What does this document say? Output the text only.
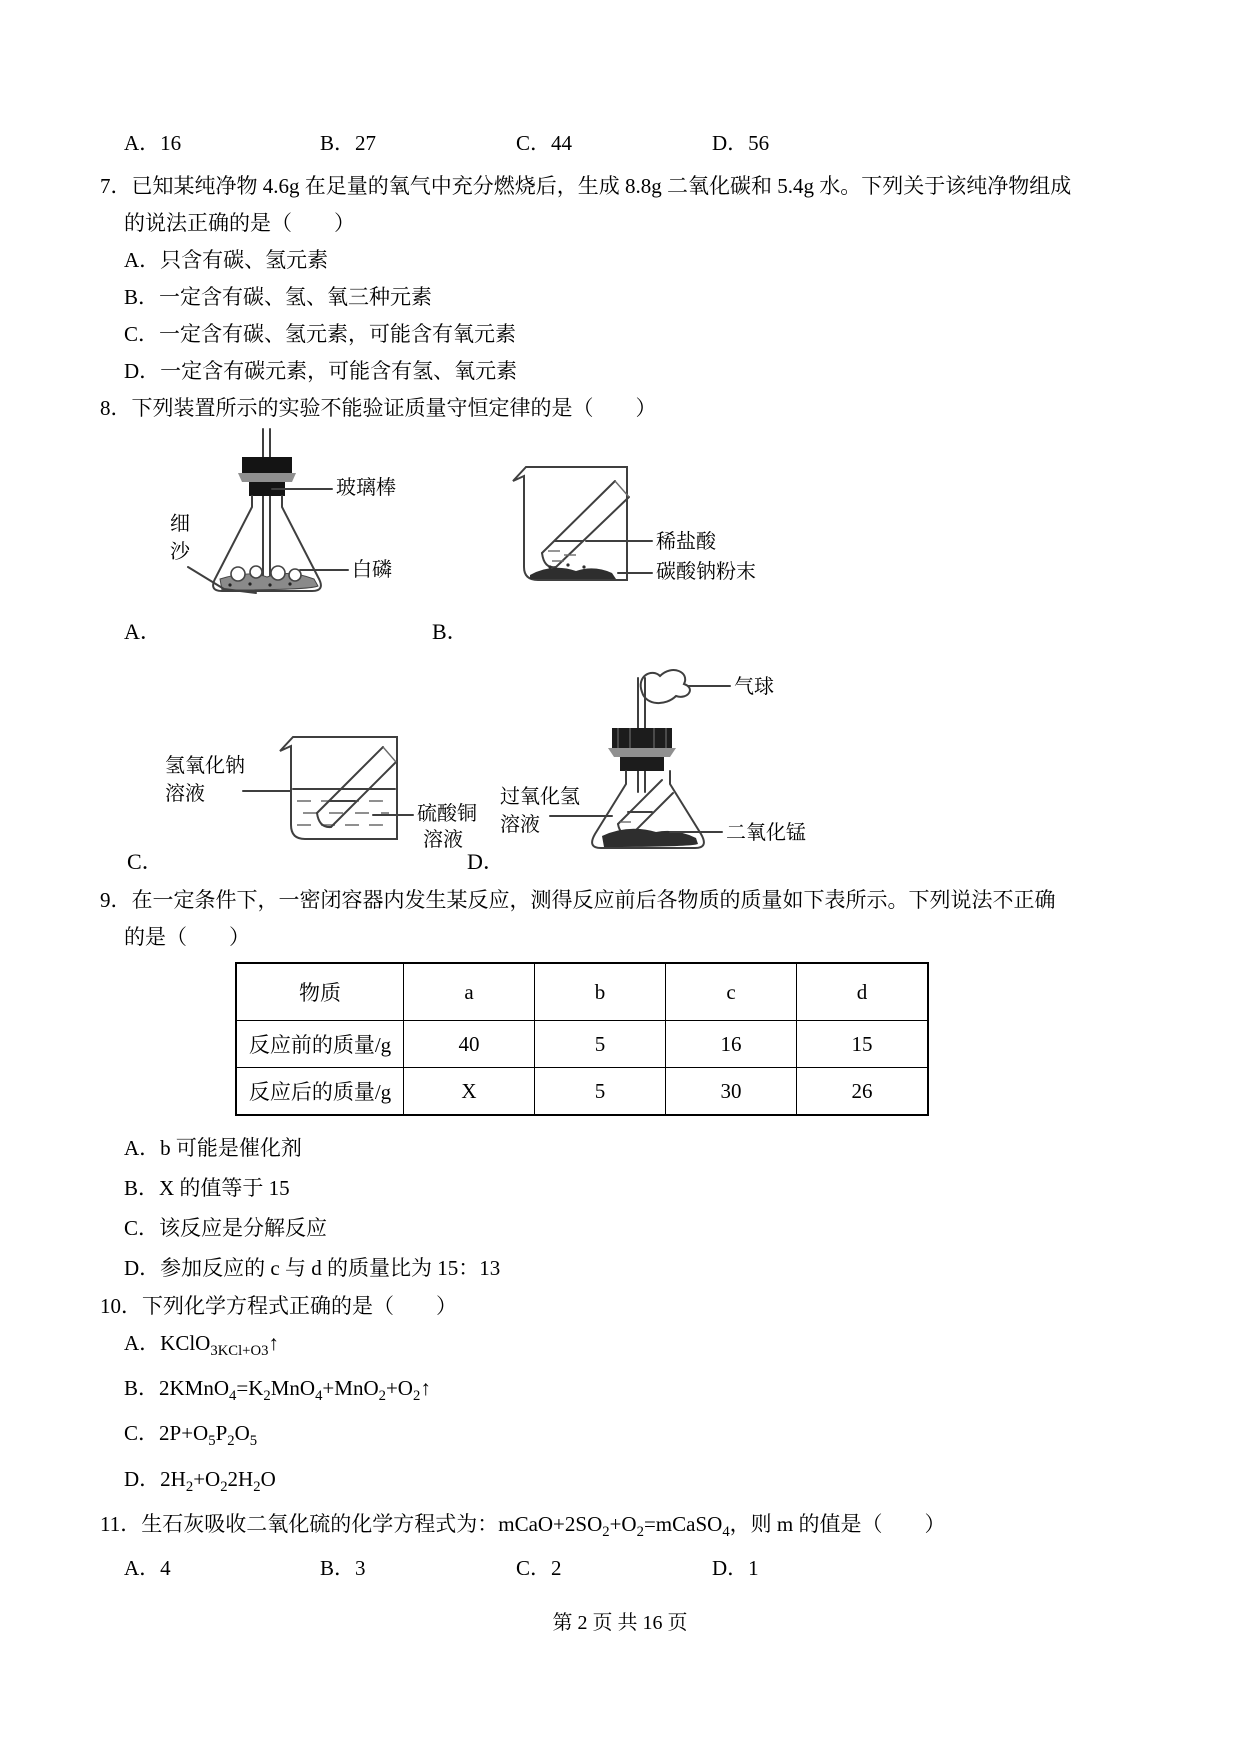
A．16	B．27	C．44	D．56
7．已知某纯净物 4.6g 在足量的氧气中充分燃烧后，生成 8.8g 二氧化碳和 5.4g 水。下列关于该纯净物组成
的说法正确的是（　　）
A．只含有碳、氢元素
B．一定含有碳、氢、氧三种元素
C．一定含有碳、氢元素，可能含有氧元素
D．一定含有碳元素，可能含有氢、氧元素
8．下列装置所示的实验不能验证质量守恒定律的是（　　）
玻璃棒
细
沙
白磷
A．
稀盐酸
碳酸钠粉末
B．
氢氧化钠
溶液
硫酸铜
溶液
C．
气球
过氧化氢
溶液	二氧化锰
D．
9．在一定条件下，一密闭容器内发生某反应，测得反应前后各物质的质量如下表所示。下列说法不正确
的是（　　）
物质	a	b	c	d
反应前的质量/g	40	5	16	15
反应后的质量/g	X	5	30	26
A．b 可能是催化剂
B．X 的值等于 15
C．该反应是分解反应
D．参加反应的 c 与 d 的质量比为 15：13
10．下列化学方程式正确的是（　　）
A．KClO$_{3KCl+O3}$↑
B．$2KMnO_4=K_2MnO_4+MnO_2+O_2↑$
C．$2P+O_5P_2O_5$
D．$2H_2+O_22H_2O$
11．生石灰吸收二氧化硫的化学方程式为：$mCaO+2SO_2+O_2=mCaSO_4$，则 m 的值是（　　）
A．4	B．3	C．2	D．1
第 2 页 共 16 页
